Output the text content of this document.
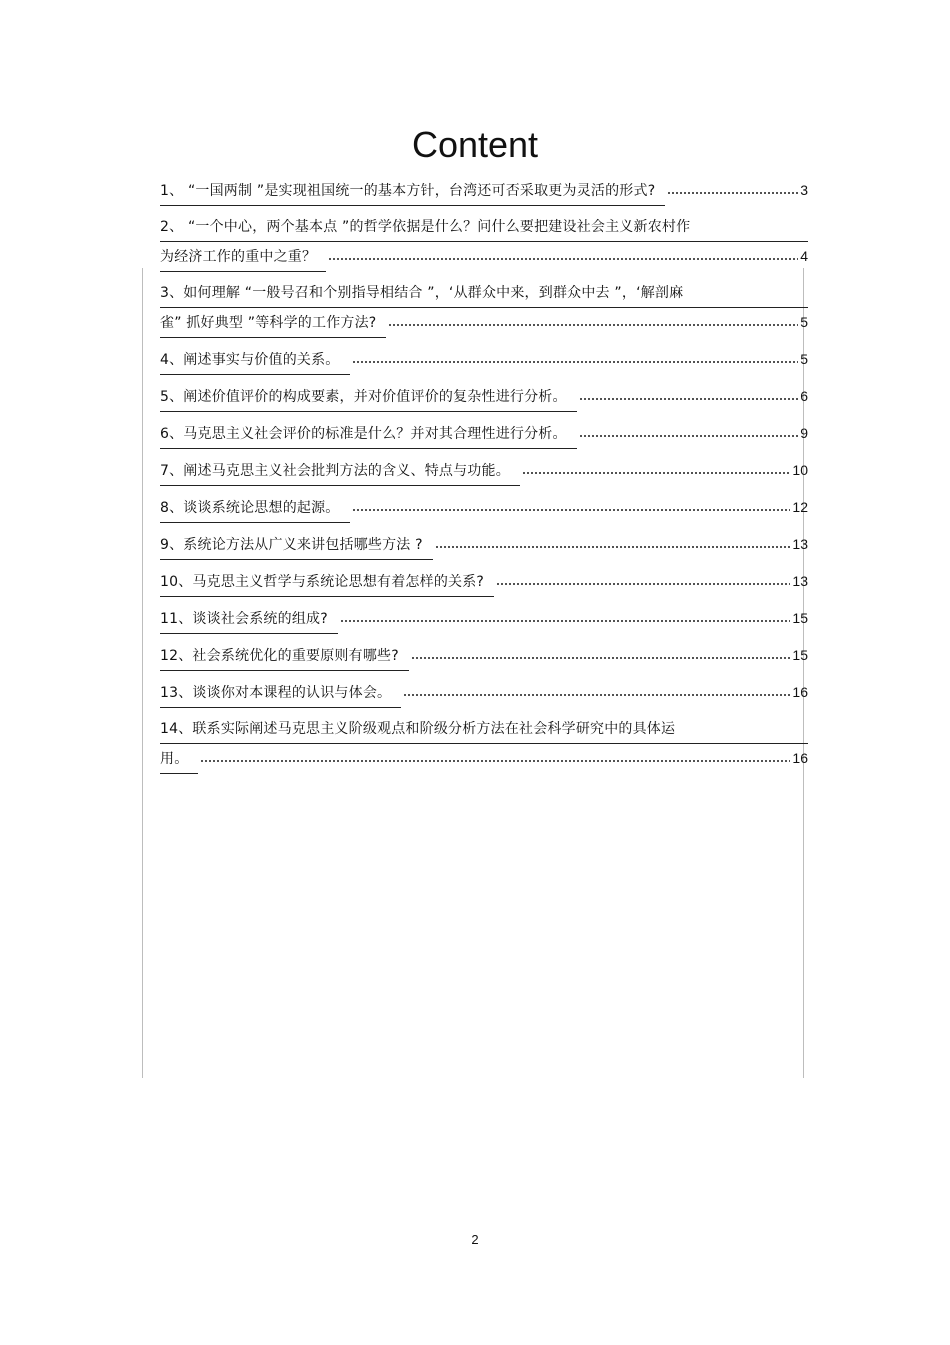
Content
1、 “一国两制 ”是实现祖国统一的基本方针，台湾还可否采取更为灵活的形式?	3
2、 “一个中心，两个基本点 ”的哲学依据是什么？问什么要把建设社会主义新农村作
为经济工作的重中之重？	4
3、如何理解 “一般号召和个别指导相结合 ”，‘从群众中来，到群众中去 ”，‘解剖麻
雀” 抓好典型 ”等科学的工作方法?	5
4、阐述事实与价值的关系。	5
5、阐述价值评价的构成要素，并对价值评价的复杂性进行分析。	6
6、马克思主义社会评价的标准是什么？并对其合理性进行分析。	9
7、阐述马克思主义社会批判方法的含义、特点与功能。	10
8、谈谈系统论思想的起源。	12
9、系统论方法从广义来讲包括哪些方法 ?	13
10、马克思主义哲学与系统论思想有着怎样的关系?	13
11、谈谈社会系统的组成?	15
12、社会系统优化的重要原则有哪些?	15
13、谈谈你对本课程的认识与体会。	16
14、联系实际阐述马克思主义阶级观点和阶级分析方法在社会科学研究中的具体运
用。	16
2
